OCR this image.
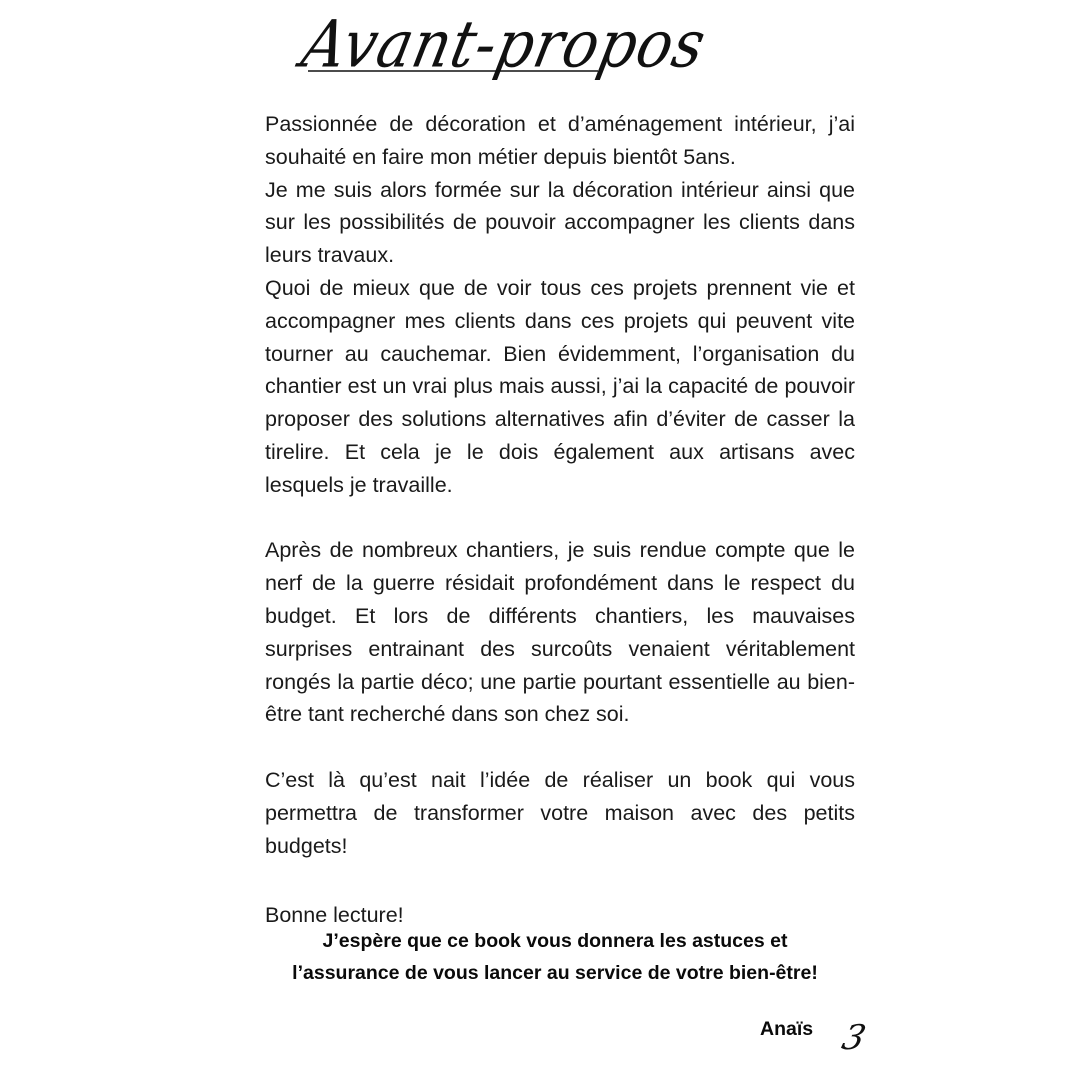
Avant-propos

Passionnée de décoration et d’aménagement intérieur, j’ai souhaité en faire mon métier depuis bientôt 5ans.

Je me suis alors formée sur la décoration intérieur ainsi que sur les possibilités de pouvoir accompagner les clients dans leurs travaux.

Quoi de mieux que de voir tous ces projets prennent vie et accompagner mes clients dans ces projets qui peuvent vite tourner au cauchemar. Bien évidemment, l’organisation du chantier est un vrai plus mais aussi, j’ai la capacité de pouvoir proposer des solutions alternatives afin d’éviter de casser la tirelire. Et cela je le dois également aux artisans avec lesquels je travaille.

Après de nombreux chantiers, je suis rendue compte que le nerf de la guerre résidait profondément dans le respect du budget. Et lors de différents chantiers, les mauvaises surprises entrainant des surcoûts venaient véritablement rongés la partie déco; une partie pourtant essentielle au bien-être tant recherché dans son chez soi.

C’est là qu’est nait l’idée de réaliser un book qui vous permettra de transformer votre maison avec des petits budgets!

Bonne lecture!
J’espère que ce book vous donnera les astuces et l’assurance de vous lancer au service de votre bien-être!
Anaïs 3
